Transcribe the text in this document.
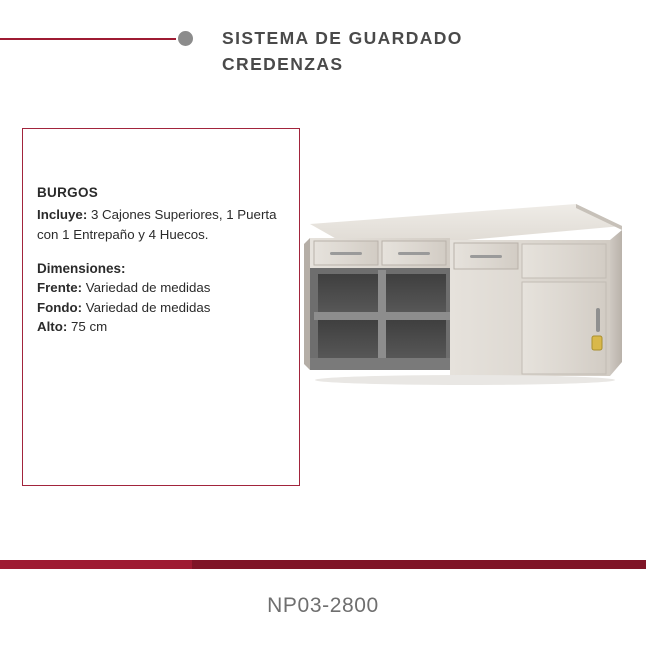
SISTEMA DE GUARDADO
CREDENZAS
BURGOS
Incluye: 3 Cajones Superiores, 1 Puerta con 1 Entrepaño y 4 Huecos.
Dimensiones:
Frente: Variedad de medidas
Fondo: Variedad de medidas
Alto: 75 cm
NP03-2800
